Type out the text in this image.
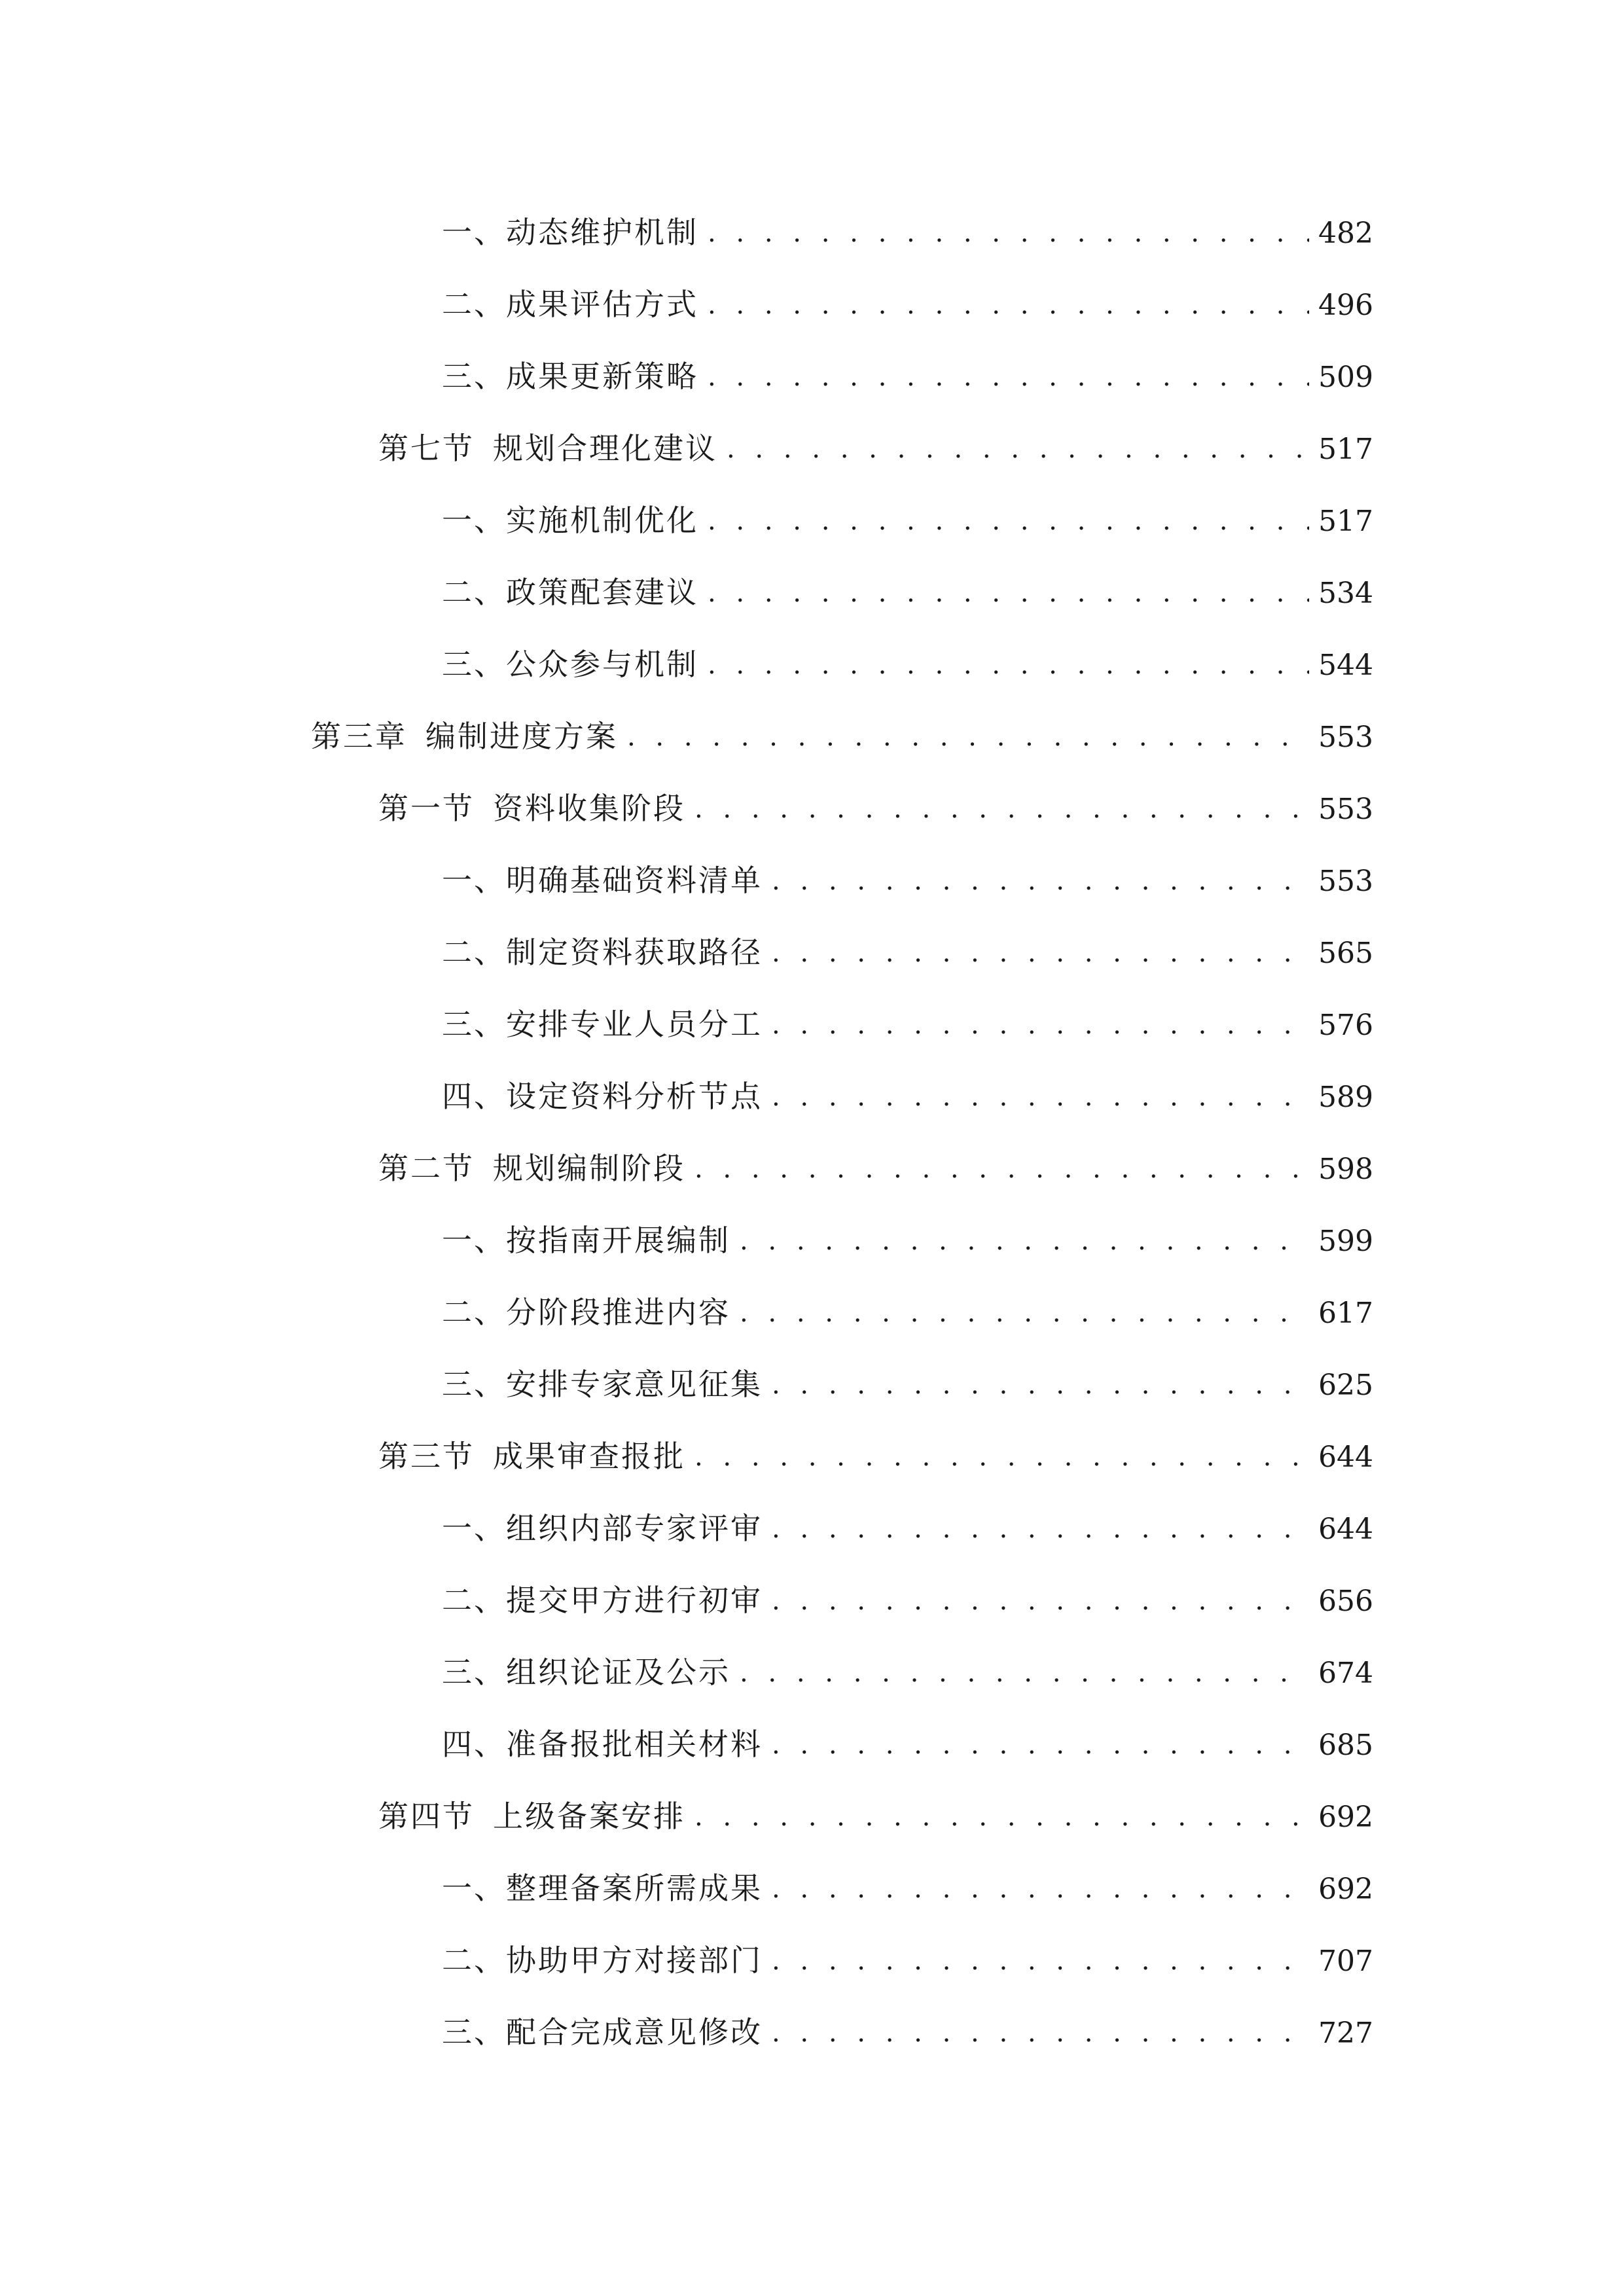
一、 动态维护机制 . . .	482
二、 成果评估方式 . . .	496
三、 成果更新策略 . . .	509
第七节 规划合理化建议 . . .	517
一、 实施机制优化 . . .	517
二、 政策配套建议 . . .	534
三、 公众参与机制 . . .	544
第三章 编制进度方案 . . .	553
第一节 资料收集阶段 . . .	553
一、 明确基础资料清单 . . .	553
二、 制定资料获取路径 . . .	565
三、 安排专业人员分工 . . .	576
四、 设定资料分析节点 . . .	589
第二节 规划编制阶段 . . .	598
一、 按指南开展编制 . . .	599
二、 分阶段推进内容 . . .	617
三、 安排专家意见征集 . . .	625
第三节 成果审查报批 . . .	644
一、 组织内部专家评审 . . .	644
二、 提交甲方进行初审 . . .	656
三、 组织论证及公示 . . .	674
四、 准备报批相关材料 . . .	685
第四节 上级备案安排 . . .	692
一、 整理备案所需成果 . . .	692
二、 协助甲方对接部门 . . .	707
三、 配合完成意见修改 . . .	727
